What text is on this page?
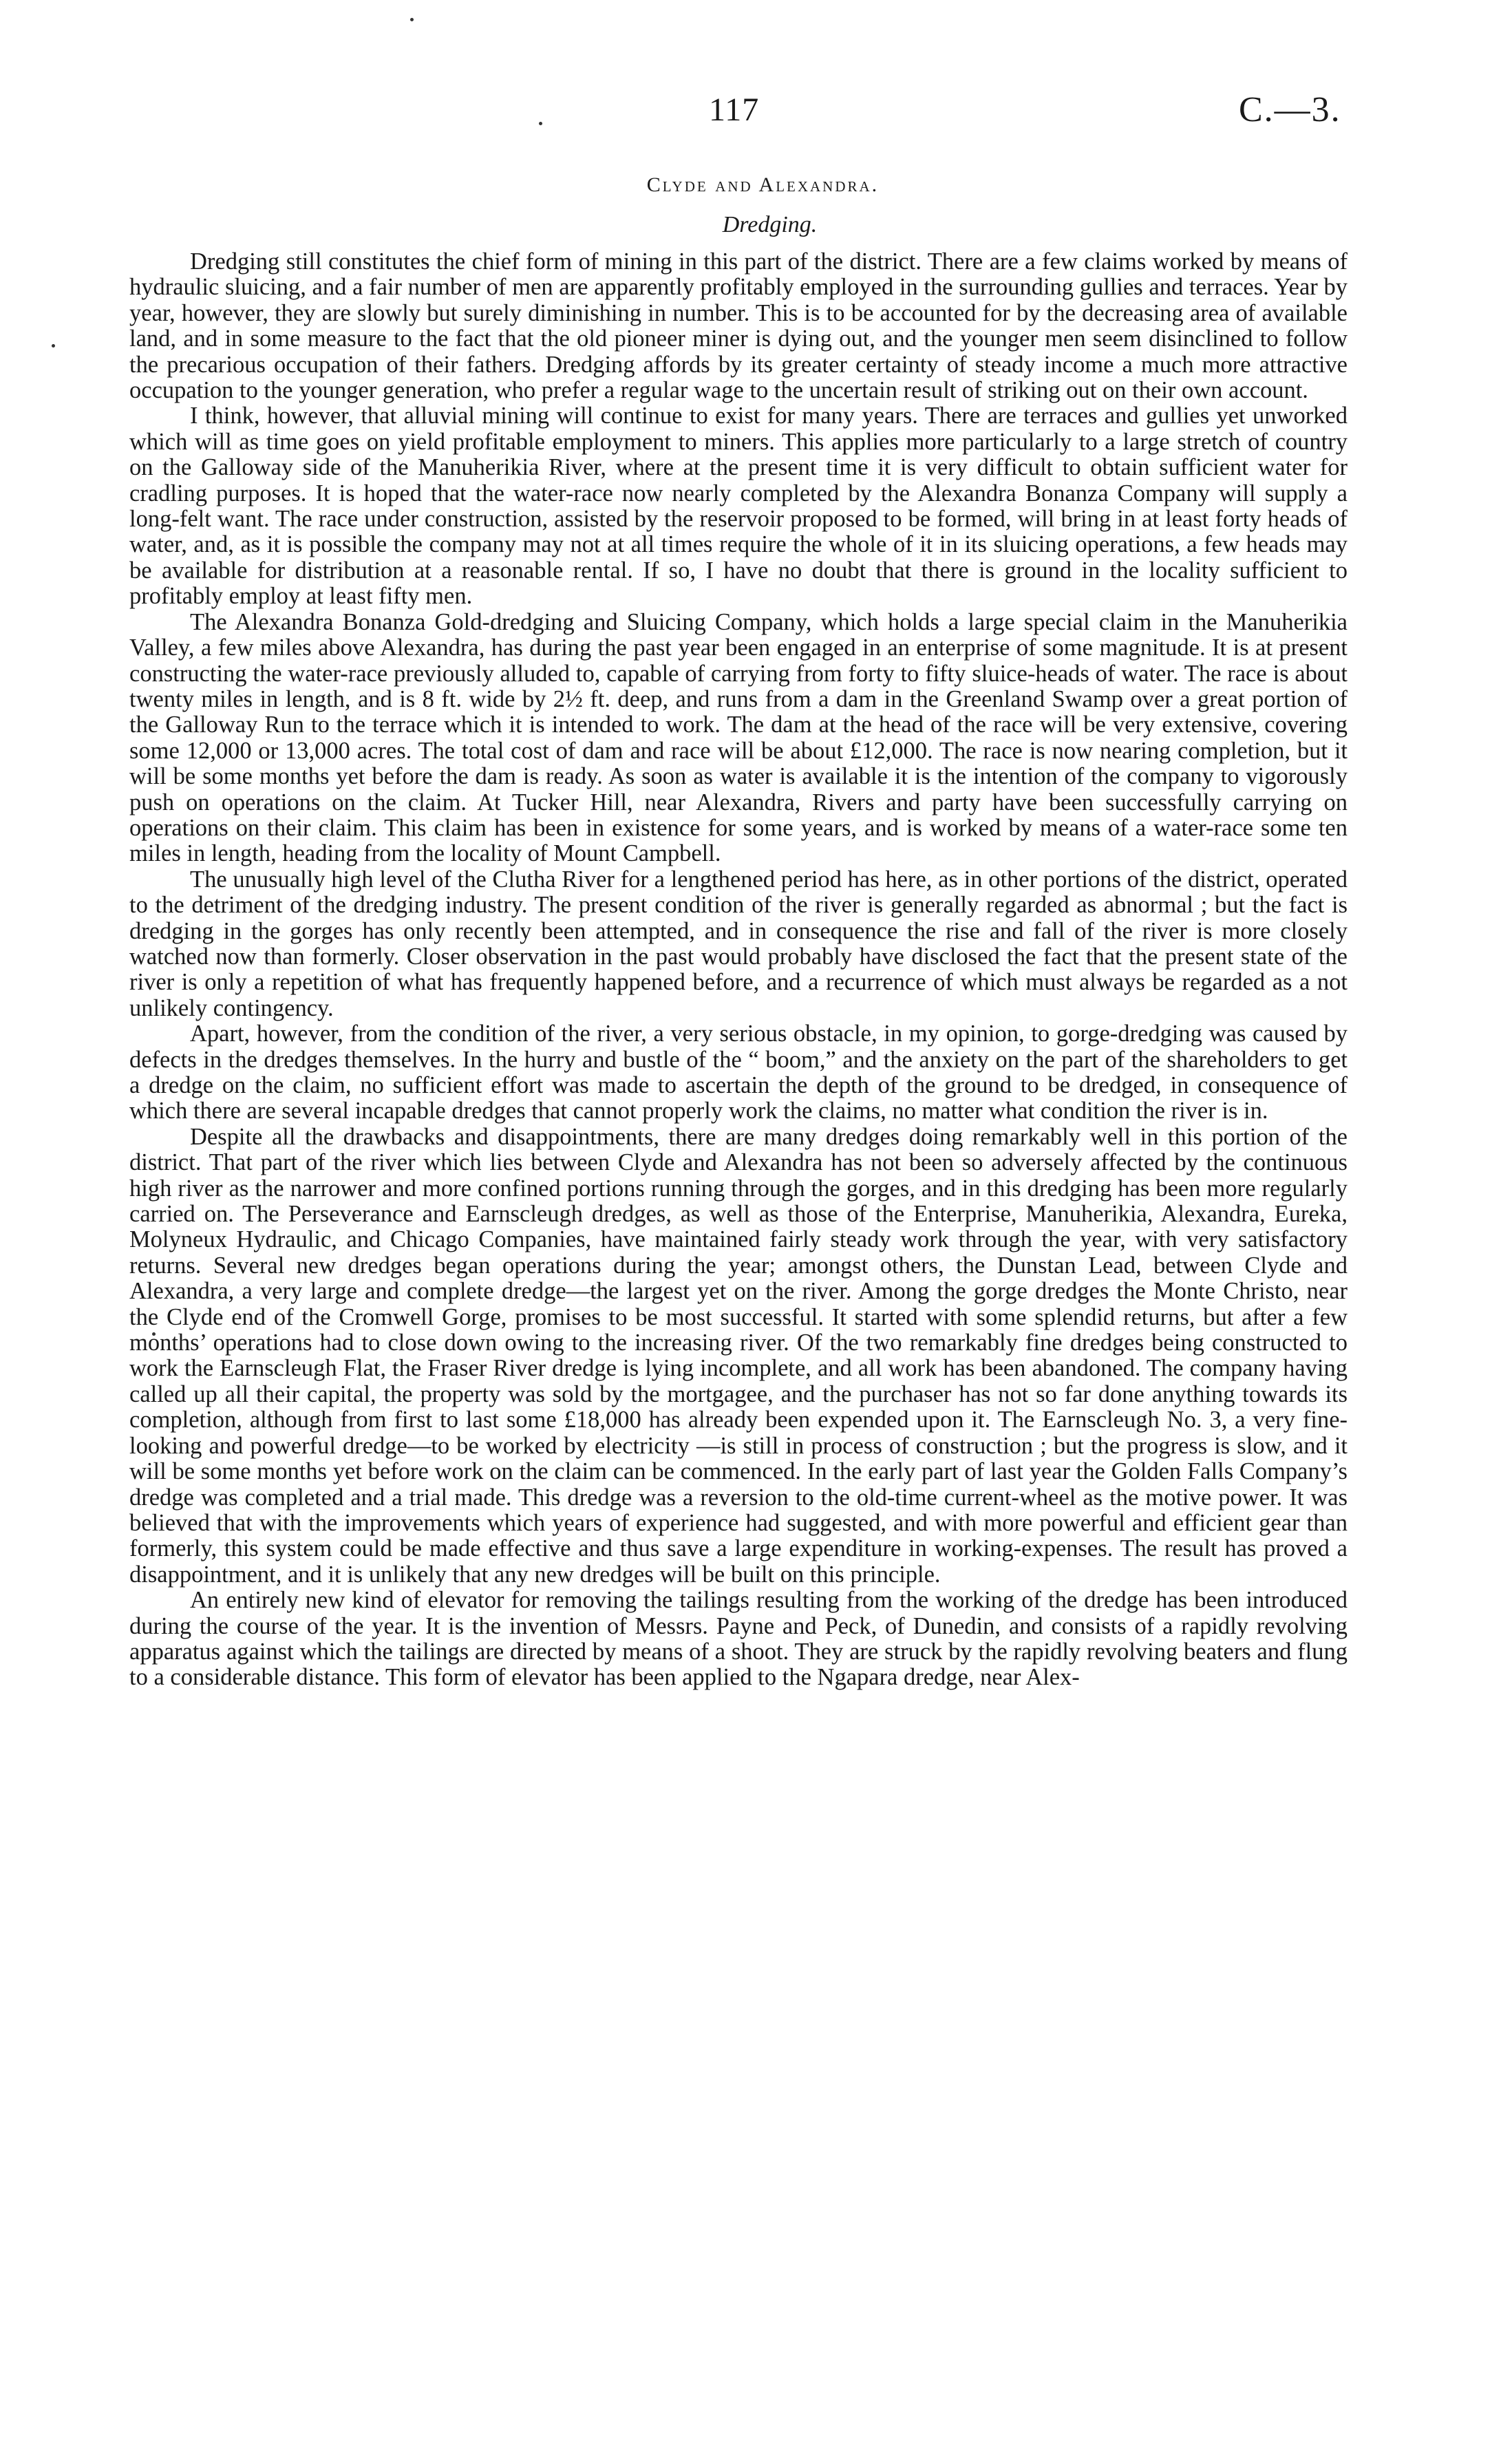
117	C.—3.
Clyde and Alexandra.
Dredging.

Dredging still constitutes the chief form of mining in this part of the district. There are a few claims worked by means of hydraulic sluicing, and a fair number of men are apparently profitably employed in the surrounding gullies and terraces. Year by year, however, they are slowly but surely diminishing in number. This is to be accounted for by the decreasing area of available land, and in some measure to the fact that the old pioneer miner is dying out, and the younger men seem disinclined to follow the precarious occupation of their fathers. Dredging affords by its greater certainty of steady income a much more attractive occupation to the younger generation, who prefer a regular wage to the uncertain result of striking out on their own account.

I think, however, that alluvial mining will continue to exist for many years. There are terraces and gullies yet unworked which will as time goes on yield profitable employment to miners. This applies more particularly to a large stretch of country on the Galloway side of the Manuherikia River, where at the present time it is very difficult to obtain sufficient water for cradling purposes. It is hoped that the water-race now nearly completed by the Alexandra Bonanza Company will supply a long-felt want. The race under construction, assisted by the reservoir proposed to be formed, will bring in at least forty heads of water, and, as it is possible the company may not at all times require the whole of it in its sluicing operations, a few heads may be available for distribution at a reasonable rental. If so, I have no doubt that there is ground in the locality sufficient to profitably employ at least fifty men.

The Alexandra Bonanza Gold-dredging and Sluicing Company, which holds a large special claim in the Manuherikia Valley, a few miles above Alexandra, has during the past year been engaged in an enterprise of some magnitude. It is at present constructing the water-race previously alluded to, capable of carrying from forty to fifty sluice-heads of water. The race is about twenty miles in length, and is 8 ft. wide by 2½ ft. deep, and runs from a dam in the Greenland Swamp over a great portion of the Galloway Run to the terrace which it is intended to work. The dam at the head of the race will be very extensive, covering some 12,000 or 13,000 acres. The total cost of dam and race will be about £12,000. The race is now nearing completion, but it will be some months yet before the dam is ready. As soon as water is available it is the intention of the company to vigorously push on operations on the claim. At Tucker Hill, near Alexandra, Rivers and party have been successfully carrying on operations on their claim. This claim has been in existence for some years, and is worked by means of a water-race some ten miles in length, heading from the locality of Mount Campbell.

The unusually high level of the Clutha River for a lengthened period has here, as in other portions of the district, operated to the detriment of the dredging industry. The present condition of the river is generally regarded as abnormal ; but the fact is dredging in the gorges has only recently been attempted, and in consequence the rise and fall of the river is more closely watched now than formerly. Closer observation in the past would probably have disclosed the fact that the present state of the river is only a repetition of what has frequently happened before, and a recurrence of which must always be regarded as a not unlikely contingency.

Apart, however, from the condition of the river, a very serious obstacle, in my opinion, to gorge-dredging was caused by defects in the dredges themselves. In the hurry and bustle of the “ boom,” and the anxiety on the part of the shareholders to get a dredge on the claim, no sufficient effort was made to ascertain the depth of the ground to be dredged, in consequence of which there are several incapable dredges that cannot properly work the claims, no matter what condition the river is in.

Despite all the drawbacks and disappointments, there are many dredges doing remarkably well in this portion of the district. That part of the river which lies between Clyde and Alexandra has not been so adversely affected by the continuous high river as the narrower and more confined portions running through the gorges, and in this dredging has been more regularly carried on. The Perseverance and Earnscleugh dredges, as well as those of the Enterprise, Manuherikia, Alexandra, Eureka, Molyneux Hydraulic, and Chicago Companies, have maintained fairly steady work through the year, with very satisfactory returns. Several new dredges began operations during the year; amongst others, the Dunstan Lead, between Clyde and Alexandra, a very large and complete dredge—the largest yet on the river. Among the gorge dredges the Monte Christo, near the Clyde end of the Cromwell Gorge, promises to be most successful. It started with some splendid returns, but after a few months’ operations had to close down owing to the increasing river. Of the two remarkably fine dredges being constructed to work the Earnscleugh Flat, the Fraser River dredge is lying incomplete, and all work has been abandoned. The company having called up all their capital, the property was sold by the mortgagee, and the purchaser has not so far done anything towards its completion, although from first to last some £18,000 has already been expended upon it. The Earnscleugh No. 3, a very fine-looking and powerful dredge—to be worked by electricity —is still in process of construction ; but the progress is slow, and it will be some months yet before work on the claim can be commenced. In the early part of last year the Golden Falls Company’s dredge was completed and a trial made. This dredge was a reversion to the old-time current-wheel as the motive power. It was believed that with the improvements which years of experience had suggested, and with more powerful and efficient gear than formerly, this system could be made effective and thus save a large expenditure in working-expenses. The result has proved a disappointment, and it is unlikely that any new dredges will be built on this principle.

An entirely new kind of elevator for removing the tailings resulting from the working of the dredge has been introduced during the course of the year. It is the invention of Messrs. Payne and Peck, of Dunedin, and consists of a rapidly revolving apparatus against which the tailings are directed by means of a shoot. They are struck by the rapidly revolving beaters and flung to a considerable distance. This form of elevator has been applied to the Ngapara dredge, near Alex-
